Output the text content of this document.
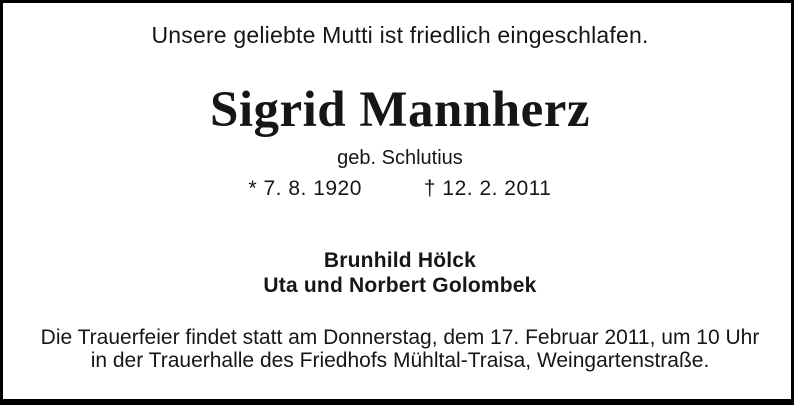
Unsere geliebte Mutti ist friedlich eingeschlafen.
Sigrid Mannherz
geb. Schlutius
* 7. 8. 1920	† 12. 2. 2011
Brunhild Hölck
Uta und Norbert Golombek
Die Trauerfeier findet statt am Donnerstag, dem 17. Februar 2011, um 10 Uhr
in der Trauerhalle des Friedhofs Mühltal-Traisa, Weingartenstraße.
